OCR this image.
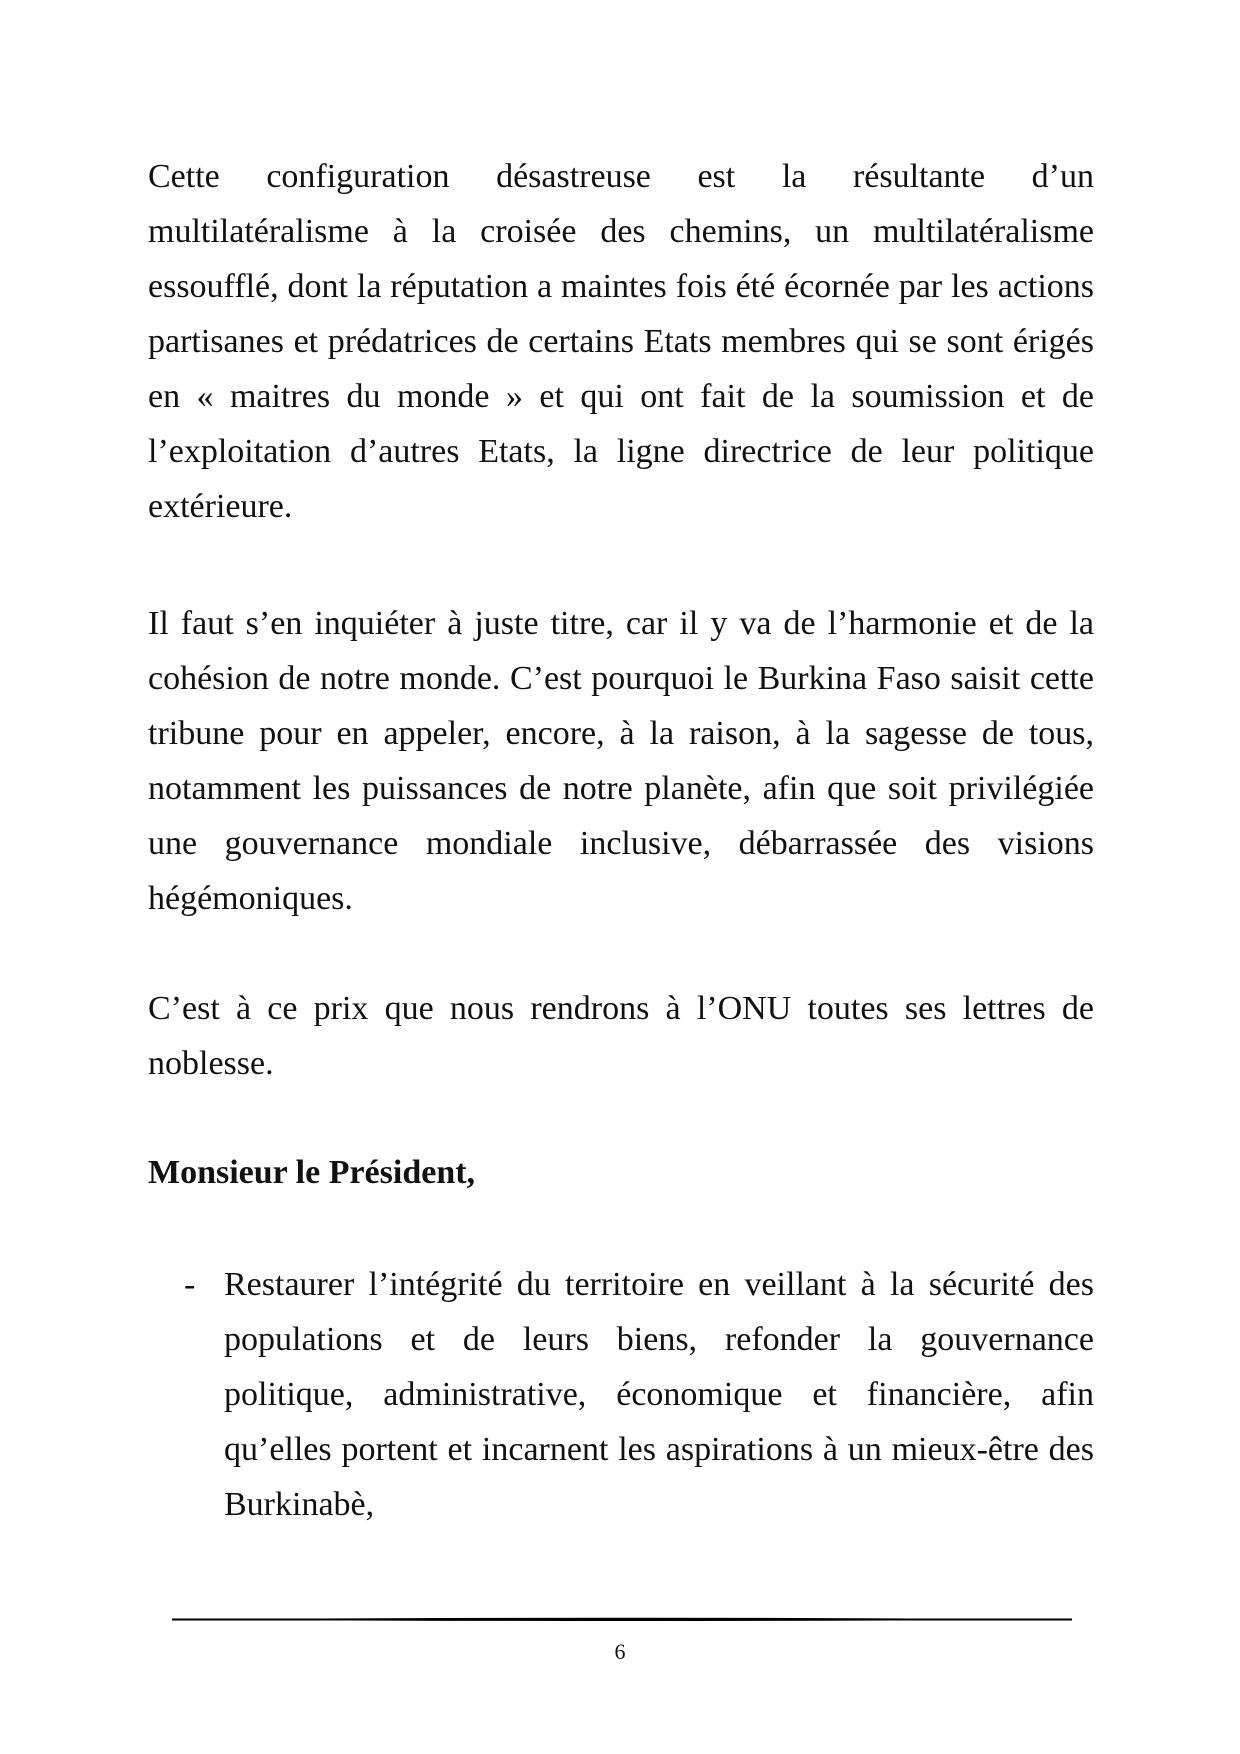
Cette configuration désastreuse est la résultante d’un multilatéralisme à la croisée des chemins, un multilatéralisme essoufflé, dont la réputation a maintes fois été écornée par les actions partisanes et prédatrices de certains Etats membres qui se sont érigés en « maitres du monde » et qui ont fait de la soumission et de l’exploitation d’autres Etats, la ligne directrice de leur politique extérieure.

Il faut s’en inquiéter à juste titre, car il y va de l’harmonie et de la cohésion de notre monde. C’est pourquoi le Burkina Faso saisit cette tribune pour en appeler, encore, à la raison, à la sagesse de tous, notamment les puissances de notre planète, afin que soit privilégiée une gouvernance mondiale inclusive, débarrassée des visions hégémoniques.

C’est à ce prix que nous rendrons à l’ONU toutes ses lettres de noblesse.

Monsieur le Président,
- Restaurer l’intégrité du territoire en veillant à la sécurité des populations et de leurs biens, refonder la gouvernance politique, administrative, économique et financière, afin qu’elles portent et incarnent les aspirations à un mieux-être des Burkinabè,
6
